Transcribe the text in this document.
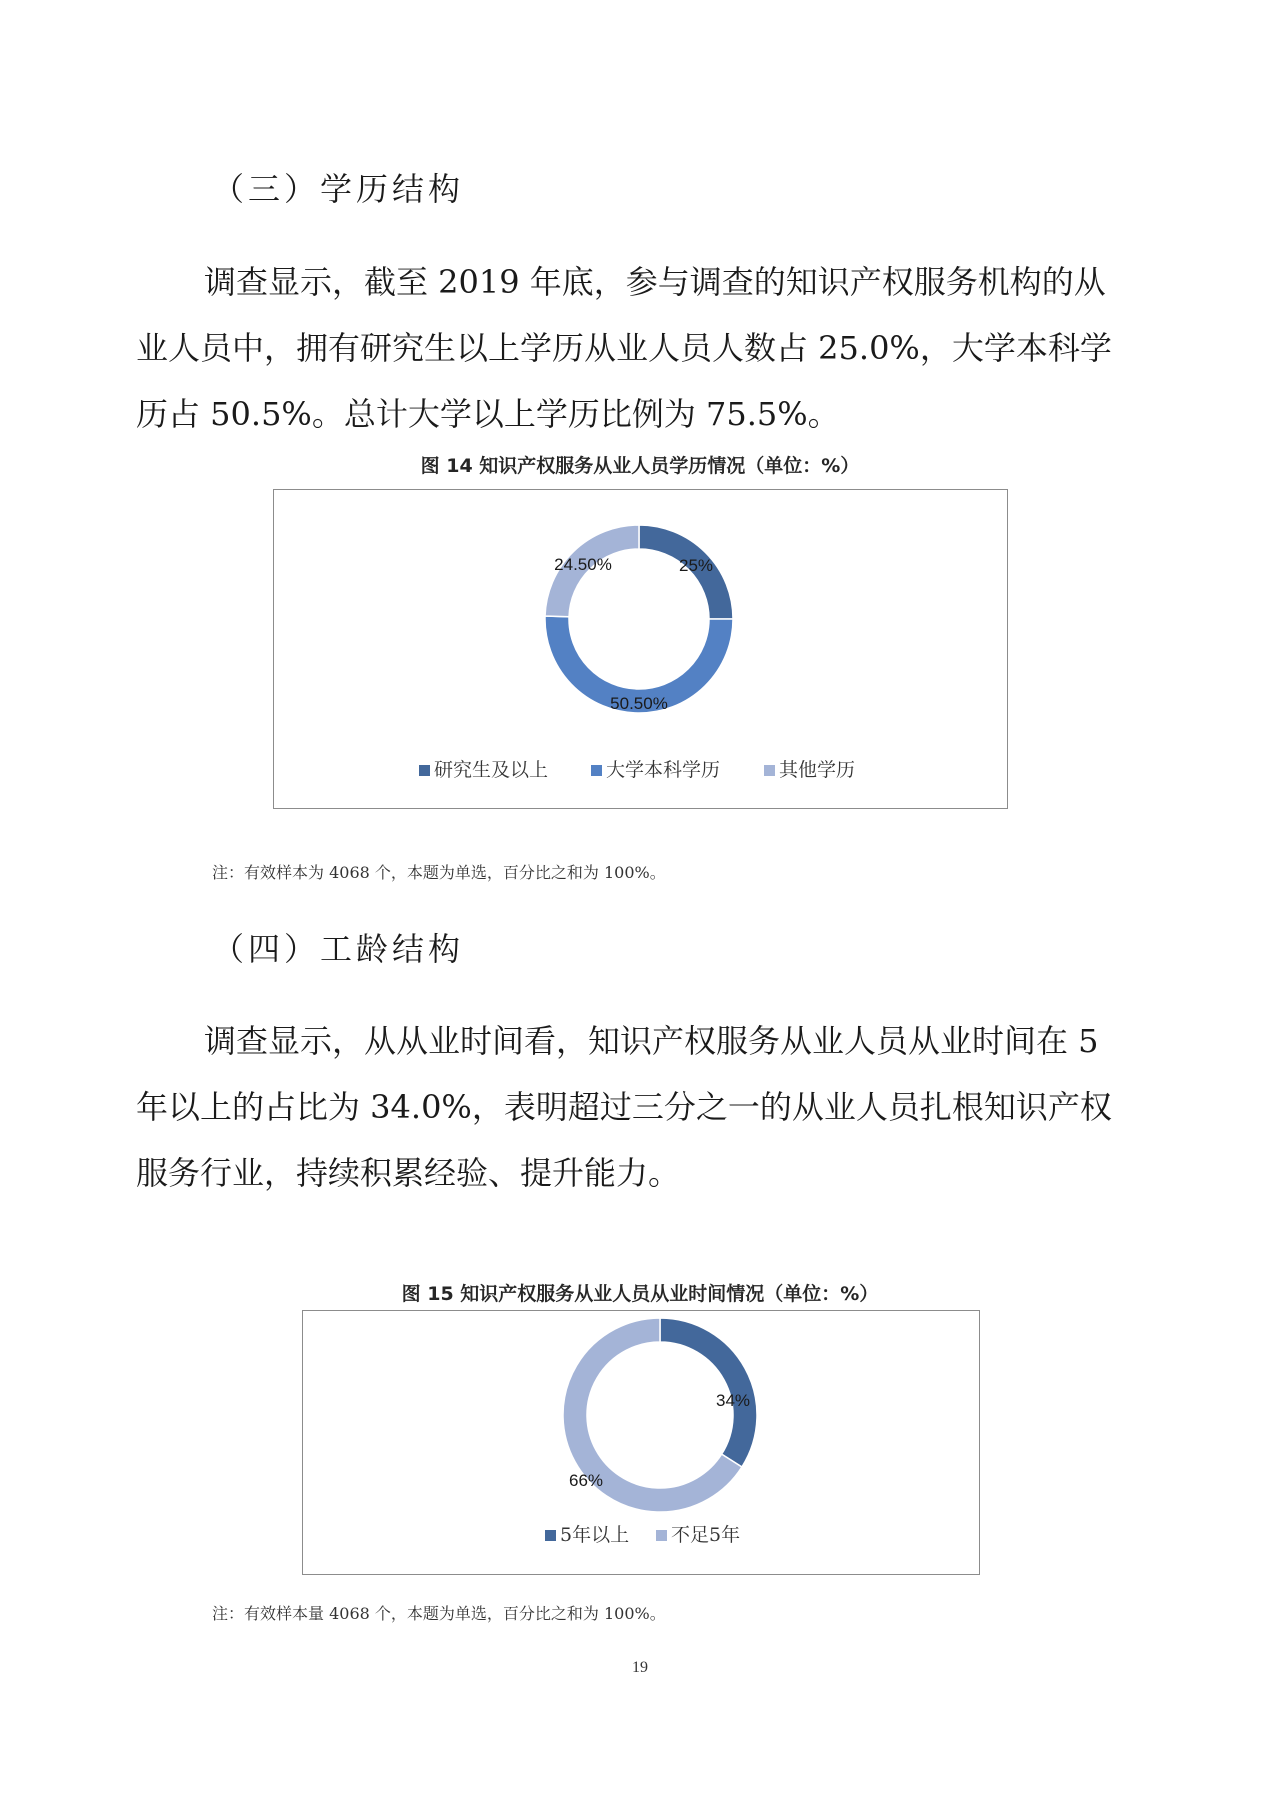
（三）学历结构
调查显示，截至 2019 年底，参与调查的知识产权服务机构的从
业人员中，拥有研究生以上学历从业人员人数占 25.0%，大学本科学
历占 50.5%。总计大学以上学历比例为 75.5%。
图 14 知识产权服务从业人员学历情况（单位：%）
25%
50.50%
24.50%
研究生及以上	大学本科学历	其他学历
注：有效样本为 4068 个，本题为单选，百分比之和为 100%。
（四）工龄结构
调查显示，从从业时间看，知识产权服务从业人员从业时间在 5
年以上的占比为 34.0%，表明超过三分之一的从业人员扎根知识产权
服务行业，持续积累经验、提升能力。
图 15 知识产权服务从业人员从业时间情况（单位：%）
34%
66%
5年以上 不足5年
注：有效样本量 4068 个，本题为单选，百分比之和为 100%。
19
